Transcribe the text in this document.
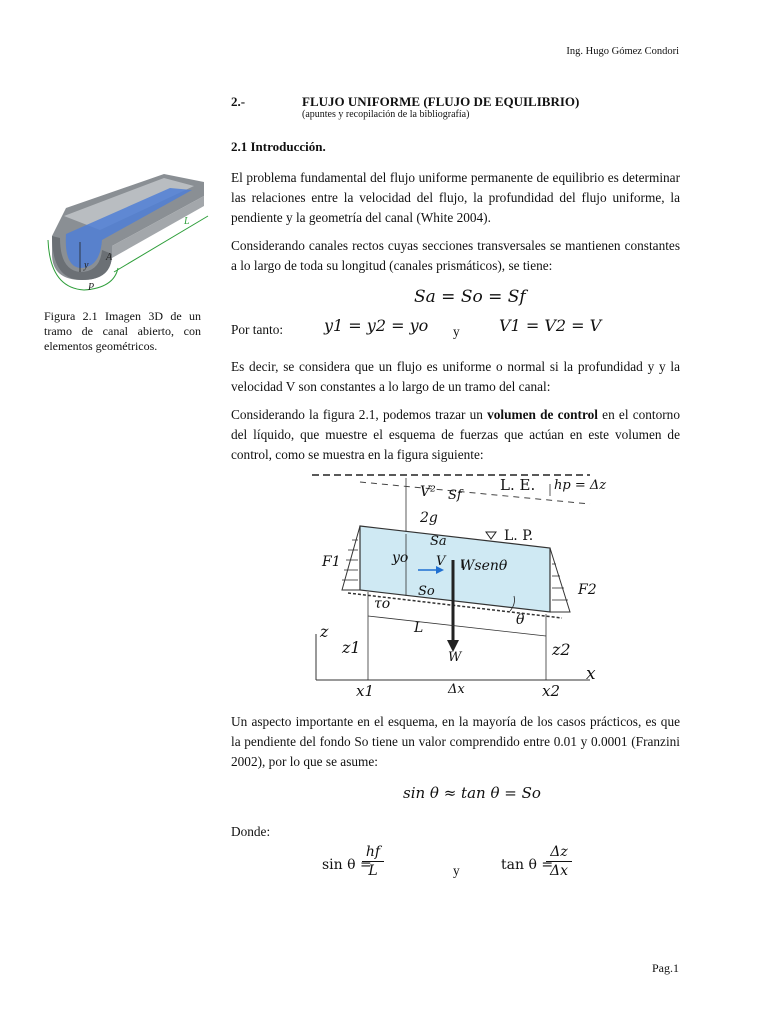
Ing. Hugo Gómez Condori
2.-	FLUJO UNIFORME (FLUJO DE EQUILIBRIO)
(apuntes y recopilación de la bibliografía)
2.1 Introducción.
L
A
y
P
Figura 2.1 Imagen 3D de un tramo de canal abierto, con elementos geométricos.
El problema fundamental del flujo uniforme permanente de equilibrio es determinar las relaciones entre la velocidad del flujo, la profundidad del flujo uniforme, la pendiente y la geometría del canal (White 2004).
Considerando canales rectos cuyas secciones transversales se mantienen constantes a lo largo de toda su longitud (canales prismáticos), se tiene:
Sa = So = Sf
Por tanto:	y1 = y2 = yo y V1 = V2 = V
Es decir, se considera que un flujo es uniforme o normal si la profundidad y y la velocidad V son constantes a lo largo de un tramo del canal:
Considerando la figura 2.1, podemos trazar un volumen de control en el contorno del líquido, que muestre el esquema de fuerzas que actúan en este volumen de control, como se muestra en la figura siguiente:
L. E. hp = Δz
V²
2g
Sf
Sa	L. P.
yo V Wsenθ
F1
F2
So
τo
L	θ
z
z1	z2
W
x
x1	Δx	x2
Un aspecto importante en el esquema, en la mayoría de los casos prácticos, es que la pendiente del fondo So tiene un valor comprendido entre 0.01 y 0.0001 (Franzini 2002), por lo que se asume:
sin θ ≈ tan θ = So
Donde:
sin θ =
hf
L	y	tan θ =
Δz
Δx
Pag.1
